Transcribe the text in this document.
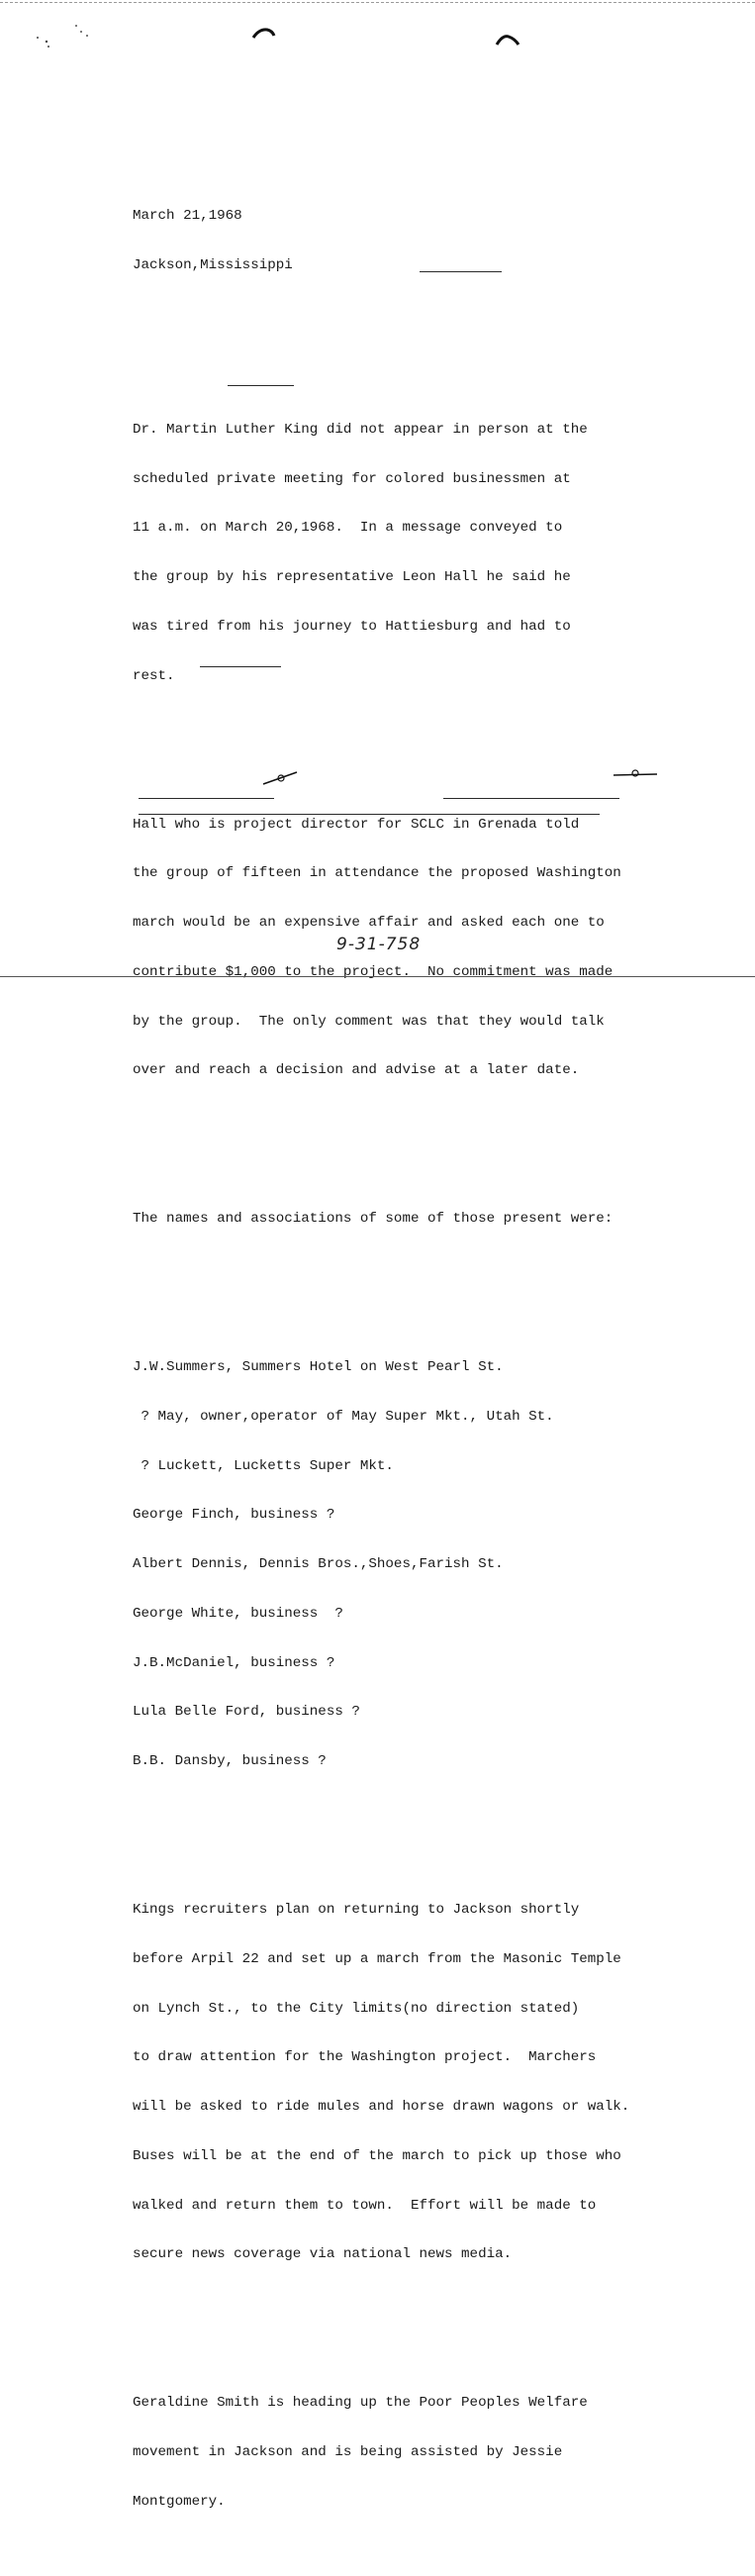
March 21,1968

Jackson,Mississippi

Dr. Martin Luther King did not appear in person at the

scheduled private meeting for colored businessmen at

11 a.m. on March 20,1968.  In a message conveyed to

the group by his representative Leon Hall he said he

was tired from his journey to Hattiesburg and had to

rest.

Hall who is project director for SCLC in Grenada told

the group of fifteen in attendance the proposed Washington

march would be an expensive affair and asked each one to

contribute $1,000 to the project.  No commitment was made

by the group.  The only comment was that they would talk

over and reach a decision and advise at a later date.

The names and associations of some of those present were:

J.W.Summers, Summers Hotel on West Pearl St.

? May, owner,operator of May Super Mkt., Utah St.

? Luckett, Lucketts Super Mkt.

George Finch, business ?

Albert Dennis, Dennis Bros.,Shoes,Farish St.

George White, business  ?

J.B.McDaniel, business ?

Lula Belle Ford, business ?

B.B. Dansby, business ?

Kings recruiters plan on returning to Jackson shortly

before Arpil 22 and set up a march from the Masonic Temple

on Lynch St., to the City limits(no direction stated)

to draw attention for the Washington project.  Marchers

will be asked to ride mules and horse drawn wagons or walk.

Buses will be at the end of the march to pick up those who

walked and return them to town.  Effort will be made to

secure news coverage via national news media.

Geraldine Smith is heading up the Poor Peoples Welfare

movement in Jackson and is being assisted by Jessie

Montgomery.

9-31-758
